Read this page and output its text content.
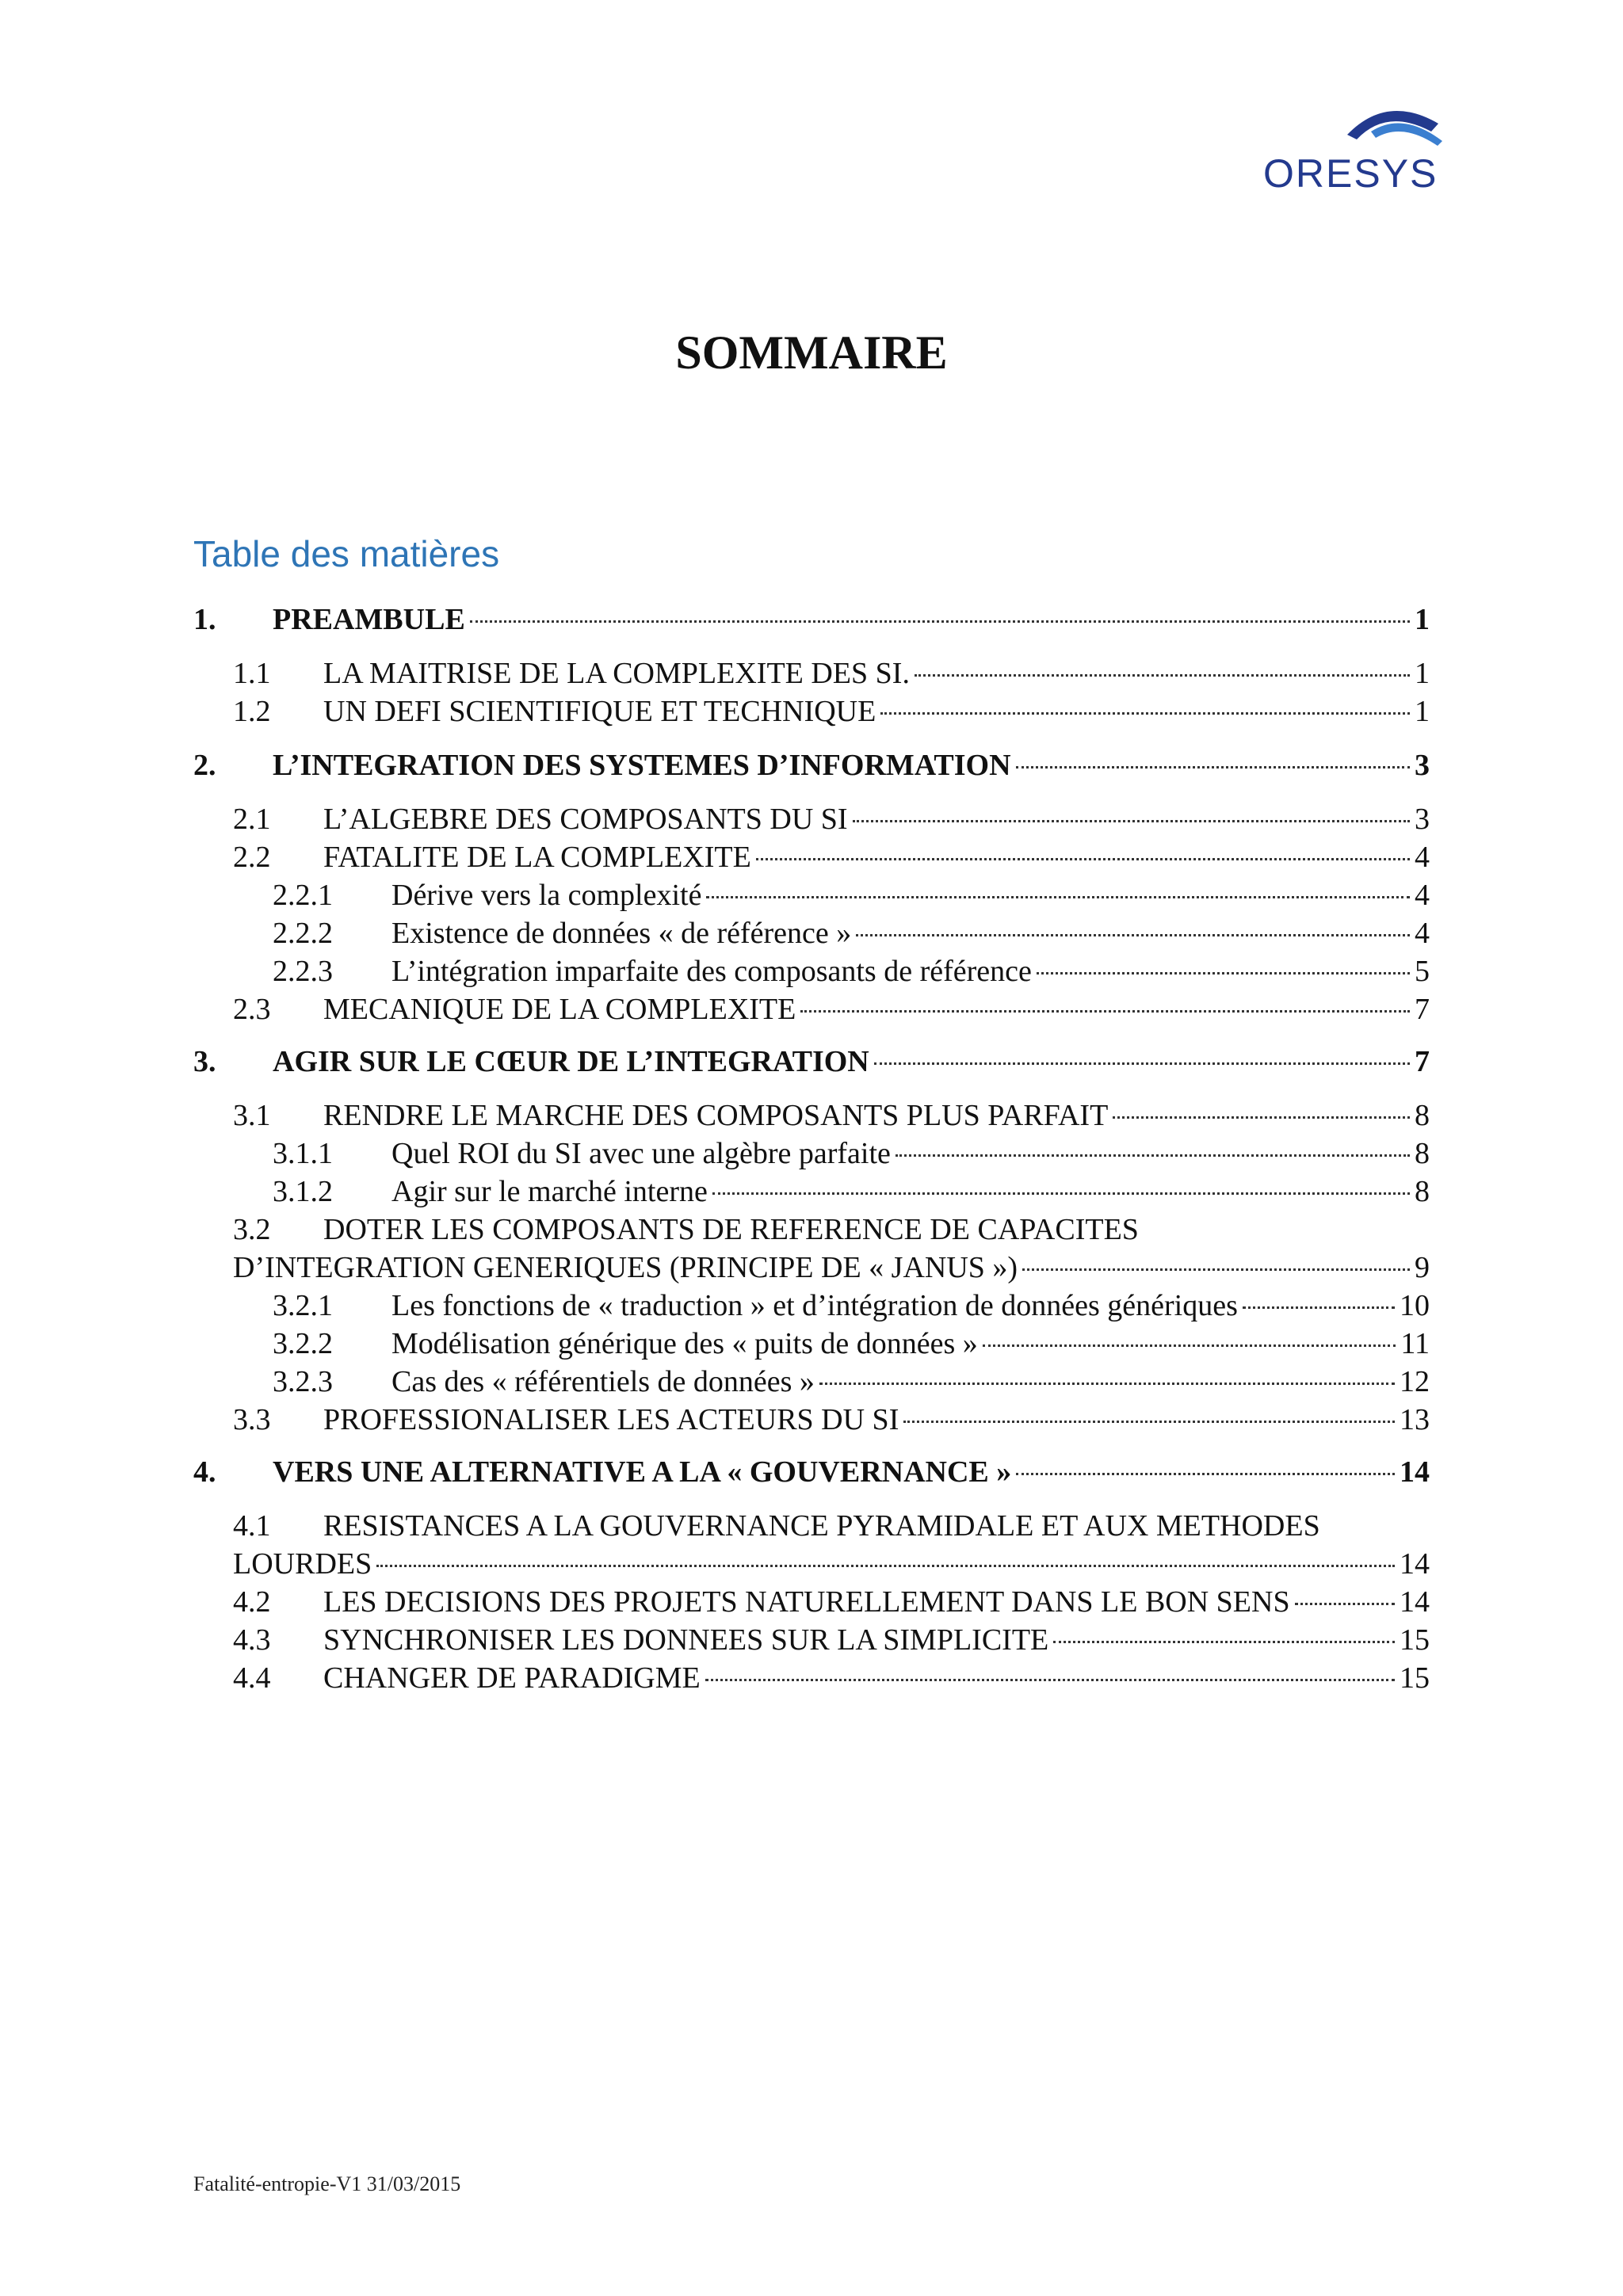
ORESYS
SOMMAIRE
Table des matières
1.	PREAMBULE	1
1.1	LA MAITRISE DE LA COMPLEXITE DES SI.	1
1.2	UN DEFI SCIENTIFIQUE ET TECHNIQUE	1
2.	L’INTEGRATION DES SYSTEMES D’INFORMATION	3
2.1	L’ALGEBRE DES COMPOSANTS DU SI	3
2.2	FATALITE DE LA COMPLEXITE	4
2.2.1	Dérive vers la complexité	4
2.2.2	Existence de données « de référence »	4
2.2.3	L’intégration imparfaite des composants de référence	5
2.3	MECANIQUE DE LA COMPLEXITE	7
3.	AGIR SUR LE CŒUR DE L’INTEGRATION	7
3.1	RENDRE LE MARCHE DES COMPOSANTS PLUS PARFAIT	8
3.1.1	Quel ROI du SI avec une algèbre parfaite	8
3.1.2	Agir sur le marché interne	8
3.2 DOTER LES COMPOSANTS DE REFERENCE DE CAPACITES
D’INTEGRATION GENERIQUES (PRINCIPE DE « JANUS »)	9
3.2.1	Les fonctions de « traduction » et d’intégration de données génériques	10
3.2.2	Modélisation générique des « puits de données »	11
3.2.3	Cas des « référentiels de données »	12
3.3	PROFESSIONALISER LES ACTEURS DU SI	13
4.	VERS UNE ALTERNATIVE A LA « GOUVERNANCE »	14
4.1 RESISTANCES A LA GOUVERNANCE PYRAMIDALE ET AUX METHODES
LOURDES	14
4.2	LES DECISIONS DES PROJETS NATURELLEMENT DANS LE BON SENS	14
4.3	SYNCHRONISER LES DONNEES SUR LA SIMPLICITE	15
4.4	CHANGER DE PARADIGME	15
Fatalité-entropie-V1 31/03/2015
